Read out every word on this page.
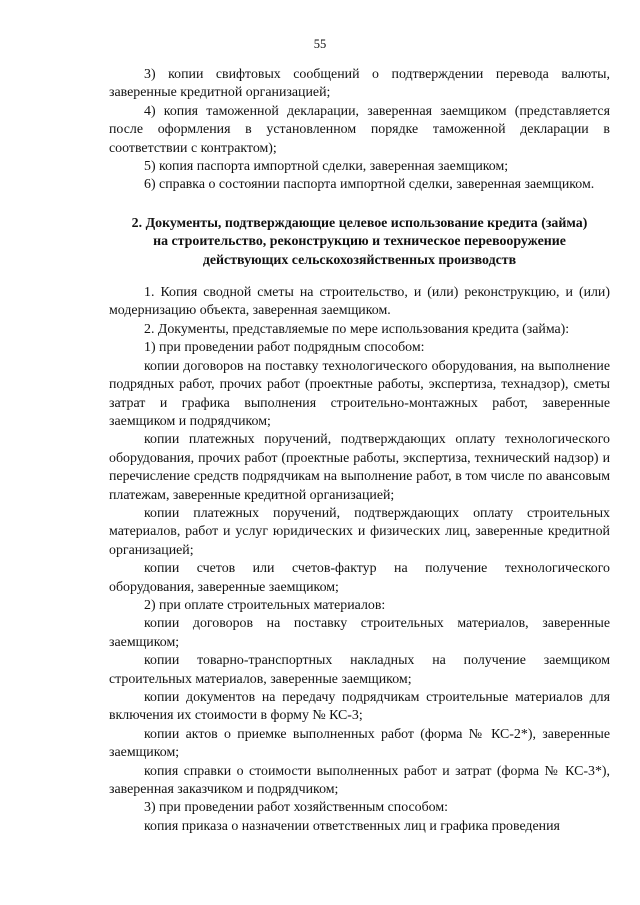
55

3) копии свифтовых сообщений о подтверждении перевода валюты, заверенные кредитной организацией;

4) копия таможенной декларации, заверенная заемщиком (представляется после оформления в установленном порядке таможенной декларации в соответствии с контрактом);

5) копия паспорта импортной сделки, заверенная заемщиком;

6) справка о состоянии паспорта импортной сделки, заверенная заемщиком.

2. Документы, подтверждающие целевое использование кредита (займа)
на строительство, реконструкцию и техническое перевооружение
действующих сельскохозяйственных производств

1. Копия сводной сметы на строительство, и (или) реконструкцию, и (или) модернизацию объекта, заверенная заемщиком.

2. Документы, представляемые по мере использования кредита (займа):

1) при проведении работ подрядным способом:

копии договоров на поставку технологического оборудования, на выполнение подрядных работ, прочих работ (проектные работы, экспертиза, технадзор), сметы затрат и графика выполнения строительно-монтажных работ, заверенные заемщиком и подрядчиком;

копии платежных поручений, подтверждающих оплату технологического оборудования, прочих работ (проектные работы, экспертиза, технический надзор) и перечисление средств подрядчикам на выполнение работ, в том числе по авансовым платежам, заверенные кредитной организацией;

копии платежных поручений, подтверждающих оплату строительных материалов, работ и услуг юридических и физических лиц, заверенные кредитной организацией;

копии счетов или счетов-фактур на получение технологического оборудования, заверенные заемщиком;

2) при оплате строительных материалов:

копии договоров на поставку строительных материалов, заверенные заемщиком;

копии товарно-транспортных накладных на получение заемщиком строительных материалов, заверенные заемщиком;

копии документов на передачу подрядчикам строительные материалов для включения их стоимости в форму № КС-3;

копии актов о приемке выполненных работ (форма № КС-2*), заверенные заемщиком;

копия справки о стоимости выполненных работ и затрат (форма № КС-3*), заверенная заказчиком и подрядчиком;

3) при проведении работ хозяйственным способом:

копия приказа о назначении ответственных лиц и графика проведения
